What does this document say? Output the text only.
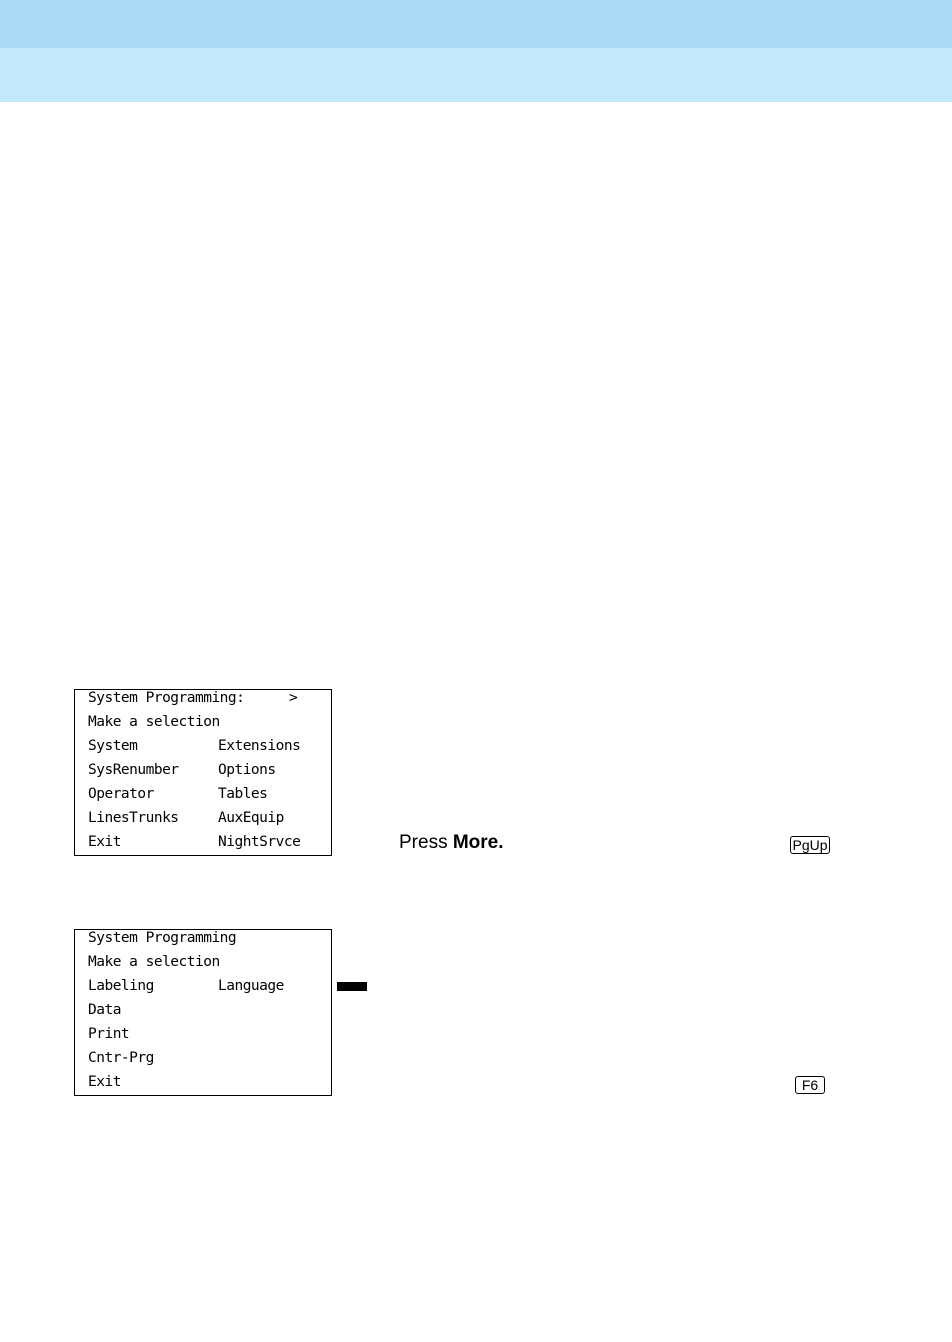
System Programming:	>
Make a selection
System	Extensions
SysRenumber	Options
Operator	Tables
LinesTrunks	AuxEquip
Exit	NightSrvce	Press More.	PgUp
System Programming
Make a selection
Labeling	Language
Data
Print
Cntr-Prg
Exit	F6
